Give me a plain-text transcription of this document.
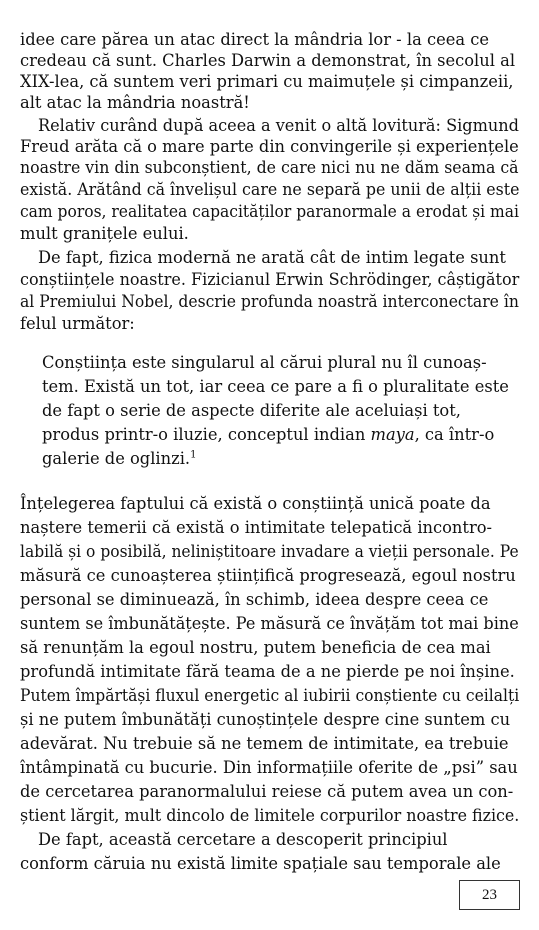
idee care părea un atac direct la mândria lor - la ceea ce
credeau că sunt. Charles Darwin a demonstrat, în secolul al
XIX-lea, că suntem veri primari cu maimuțele și cimpanzeii,
alt atac la mândria noastră!
Relativ curând după aceea a venit o altă lovitură: Sigmund
Freud arăta că o mare parte din convingerile și experiențele
noastre vin din subconștient, de care nici nu ne dăm seama că
există. Arătând că învelișul care ne separă pe unii de alții este
cam poros, realitatea capacităților paranormale a erodat și mai
mult granițele eului.
De fapt, fizica modernă ne arată cât de intim legate sunt
conștiințele noastre. Fizicianul Erwin Schrödinger, câștigător
al Premiului Nobel, descrie profunda noastră interconectare în
felul următor:
Conștiința este singularul al cărui plural nu îl cunoaș-
tem. Există un tot, iar ceea ce pare a fi o pluralitate este
de fapt o serie de aspecte diferite ale aceluiași tot,
produs printr-o iluzie, conceptul indian maya, ca într-o
galerie de oglinzi.$^1$
Înțelegerea faptului că există o conștiință unică poate da
naștere temerii că există o intimitate telepatică incontro-
labilă și o posibilă, neliniștitoare invadare a vieții personale. Pe
măsură ce cunoașterea științifică progresează, egoul nostru
personal se diminuează, în schimb, ideea despre ceea ce
suntem se îmbunătățește. Pe măsură ce învățăm tot mai bine
să renunțăm la egoul nostru, putem beneficia de cea mai
profundă intimitate fără teama de a ne pierde pe noi înșine.
Putem împărtăși fluxul energetic al iubirii conștiente cu ceilalți
și ne putem îmbunătăți cunoștințele despre cine suntem cu
adevărat. Nu trebuie să ne temem de intimitate, ea trebuie
întâmpinată cu bucurie. Din informațiile oferite de „psi” sau
de cercetarea paranormalului reiese că putem avea un con-
știent lărgit, mult dincolo de limitele corpurilor noastre fizice.
De fapt, această cercetare a descoperit principiul
conform căruia nu există limite spațiale sau temporale ale
23
